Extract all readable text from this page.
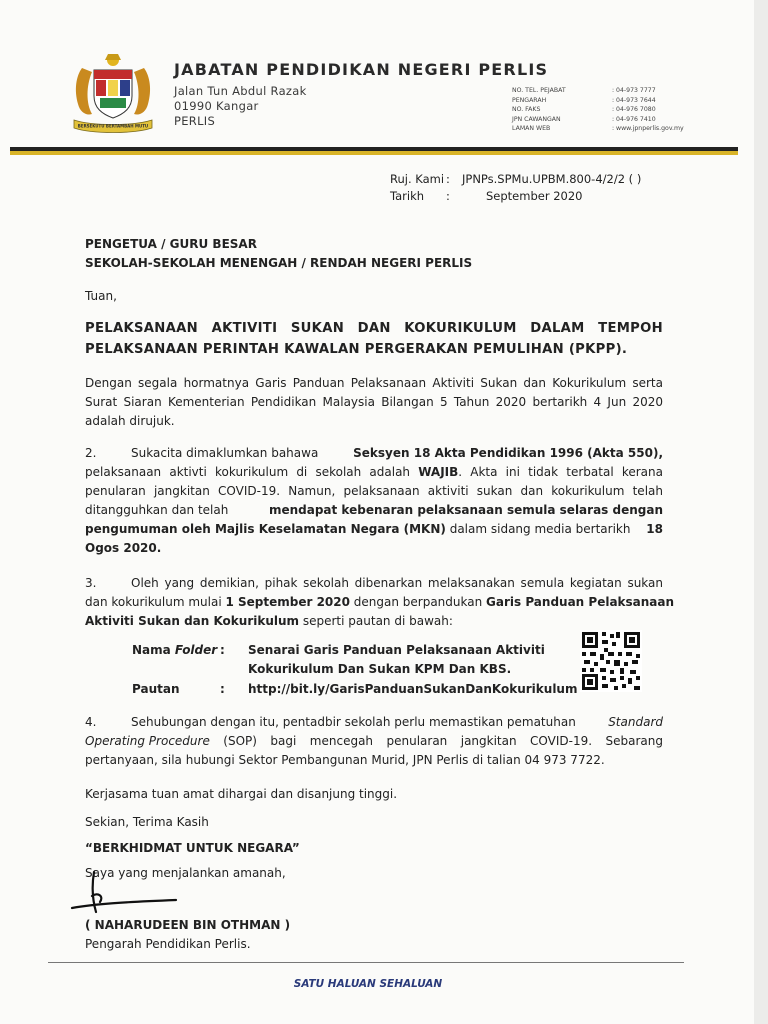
BERSEKUTU BERTAMBAH MUTU
JABATAN PENDIDIKAN NEGERI PERLIS
Jalan Tun Abdul Razak
01990 Kangar
PERLIS
NO. TEL. PEJABAT	: 04-973 7777
PENGARAH	: 04-973 7644
NO. FAKS	: 04-976 7080
JPN CAWANGAN	: 04-976 7410
LAMAN WEB	: www.jpnperlis.gov.my
Ruj. Kami : JPNPs.SPMu.UPBM.800-4/2/2 ( )
Tarikh :	September 2020
PENGETUA / GURU BESAR
SEKOLAH-SEKOLAH MENENGAH / RENDAH NEGERI PERLIS
Tuan,
PELAKSANAAN AKTIVITI SUKAN DAN KOKURIKULUM DALAM TEMPOH
PELAKSANAAN PERINTAH KAWALAN PERGERAKAN PEMULIHAN (PKPP).
Dengan segala hormatnya Garis Panduan Pelaksanaan Aktiviti Sukan dan Kokurikulum serta
Surat Siaran Kementerian Pendidikan Malaysia Bilangan 5 Tahun 2020 bertarikh 4 Jun 2020
adalah dirujuk.
2.	Sukacita dimaklumkan bahawa	Seksyen 18 Akta Pendidikan 1996 (Akta 550),
pelaksanaan aktivti kokurikulum di sekolah adalah WAJIB. Akta ini tidak terbatal kerana
penularan jangkitan COVID-19. Namun, pelaksanaan aktiviti sukan dan kokurikulum telah
ditangguhkan dan telah	mendapat kebenaran pelaksanaan semula selaras dengan
pengumuman oleh Majlis Keselamatan Negara (MKN) dalam sidang media bertarikh 18
Ogos 2020.
3.	Oleh yang demikian, pihak sekolah dibenarkan melaksanakan semula kegiatan sukan
dan kokurikulum mulai 1 September 2020 dengan berpandukan Garis Panduan Pelaksanaan
Aktiviti Sukan dan Kokurikulum seperti pautan di bawah:
Nama Folder : Senarai Garis Panduan Pelaksanaan Aktiviti
Kokurikulum Dan Sukan KPM Dan KBS.
Pautan	: http://bit.ly/GarisPanduanSukanDanKokurikulum
4.	Sehubungan dengan itu, pentadbir sekolah perlu memastikan pematuhan	Standard
Operating Procedure (SOP) bagi mencegah penularan jangkitan COVID-19. Sebarang
pertanyaan, sila hubungi Sektor Pembangunan Murid, JPN Perlis di talian 04 973 7722.
Kerjasama tuan amat dihargai dan disanjung tinggi.
Sekian, Terima Kasih
“BERKHIDMAT UNTUK NEGARA”
Saya yang menjalankan amanah,
( NAHARUDEEN BIN OTHMAN )
Pengarah Pendidikan Perlis.
SATU HALUAN SEHALUAN
